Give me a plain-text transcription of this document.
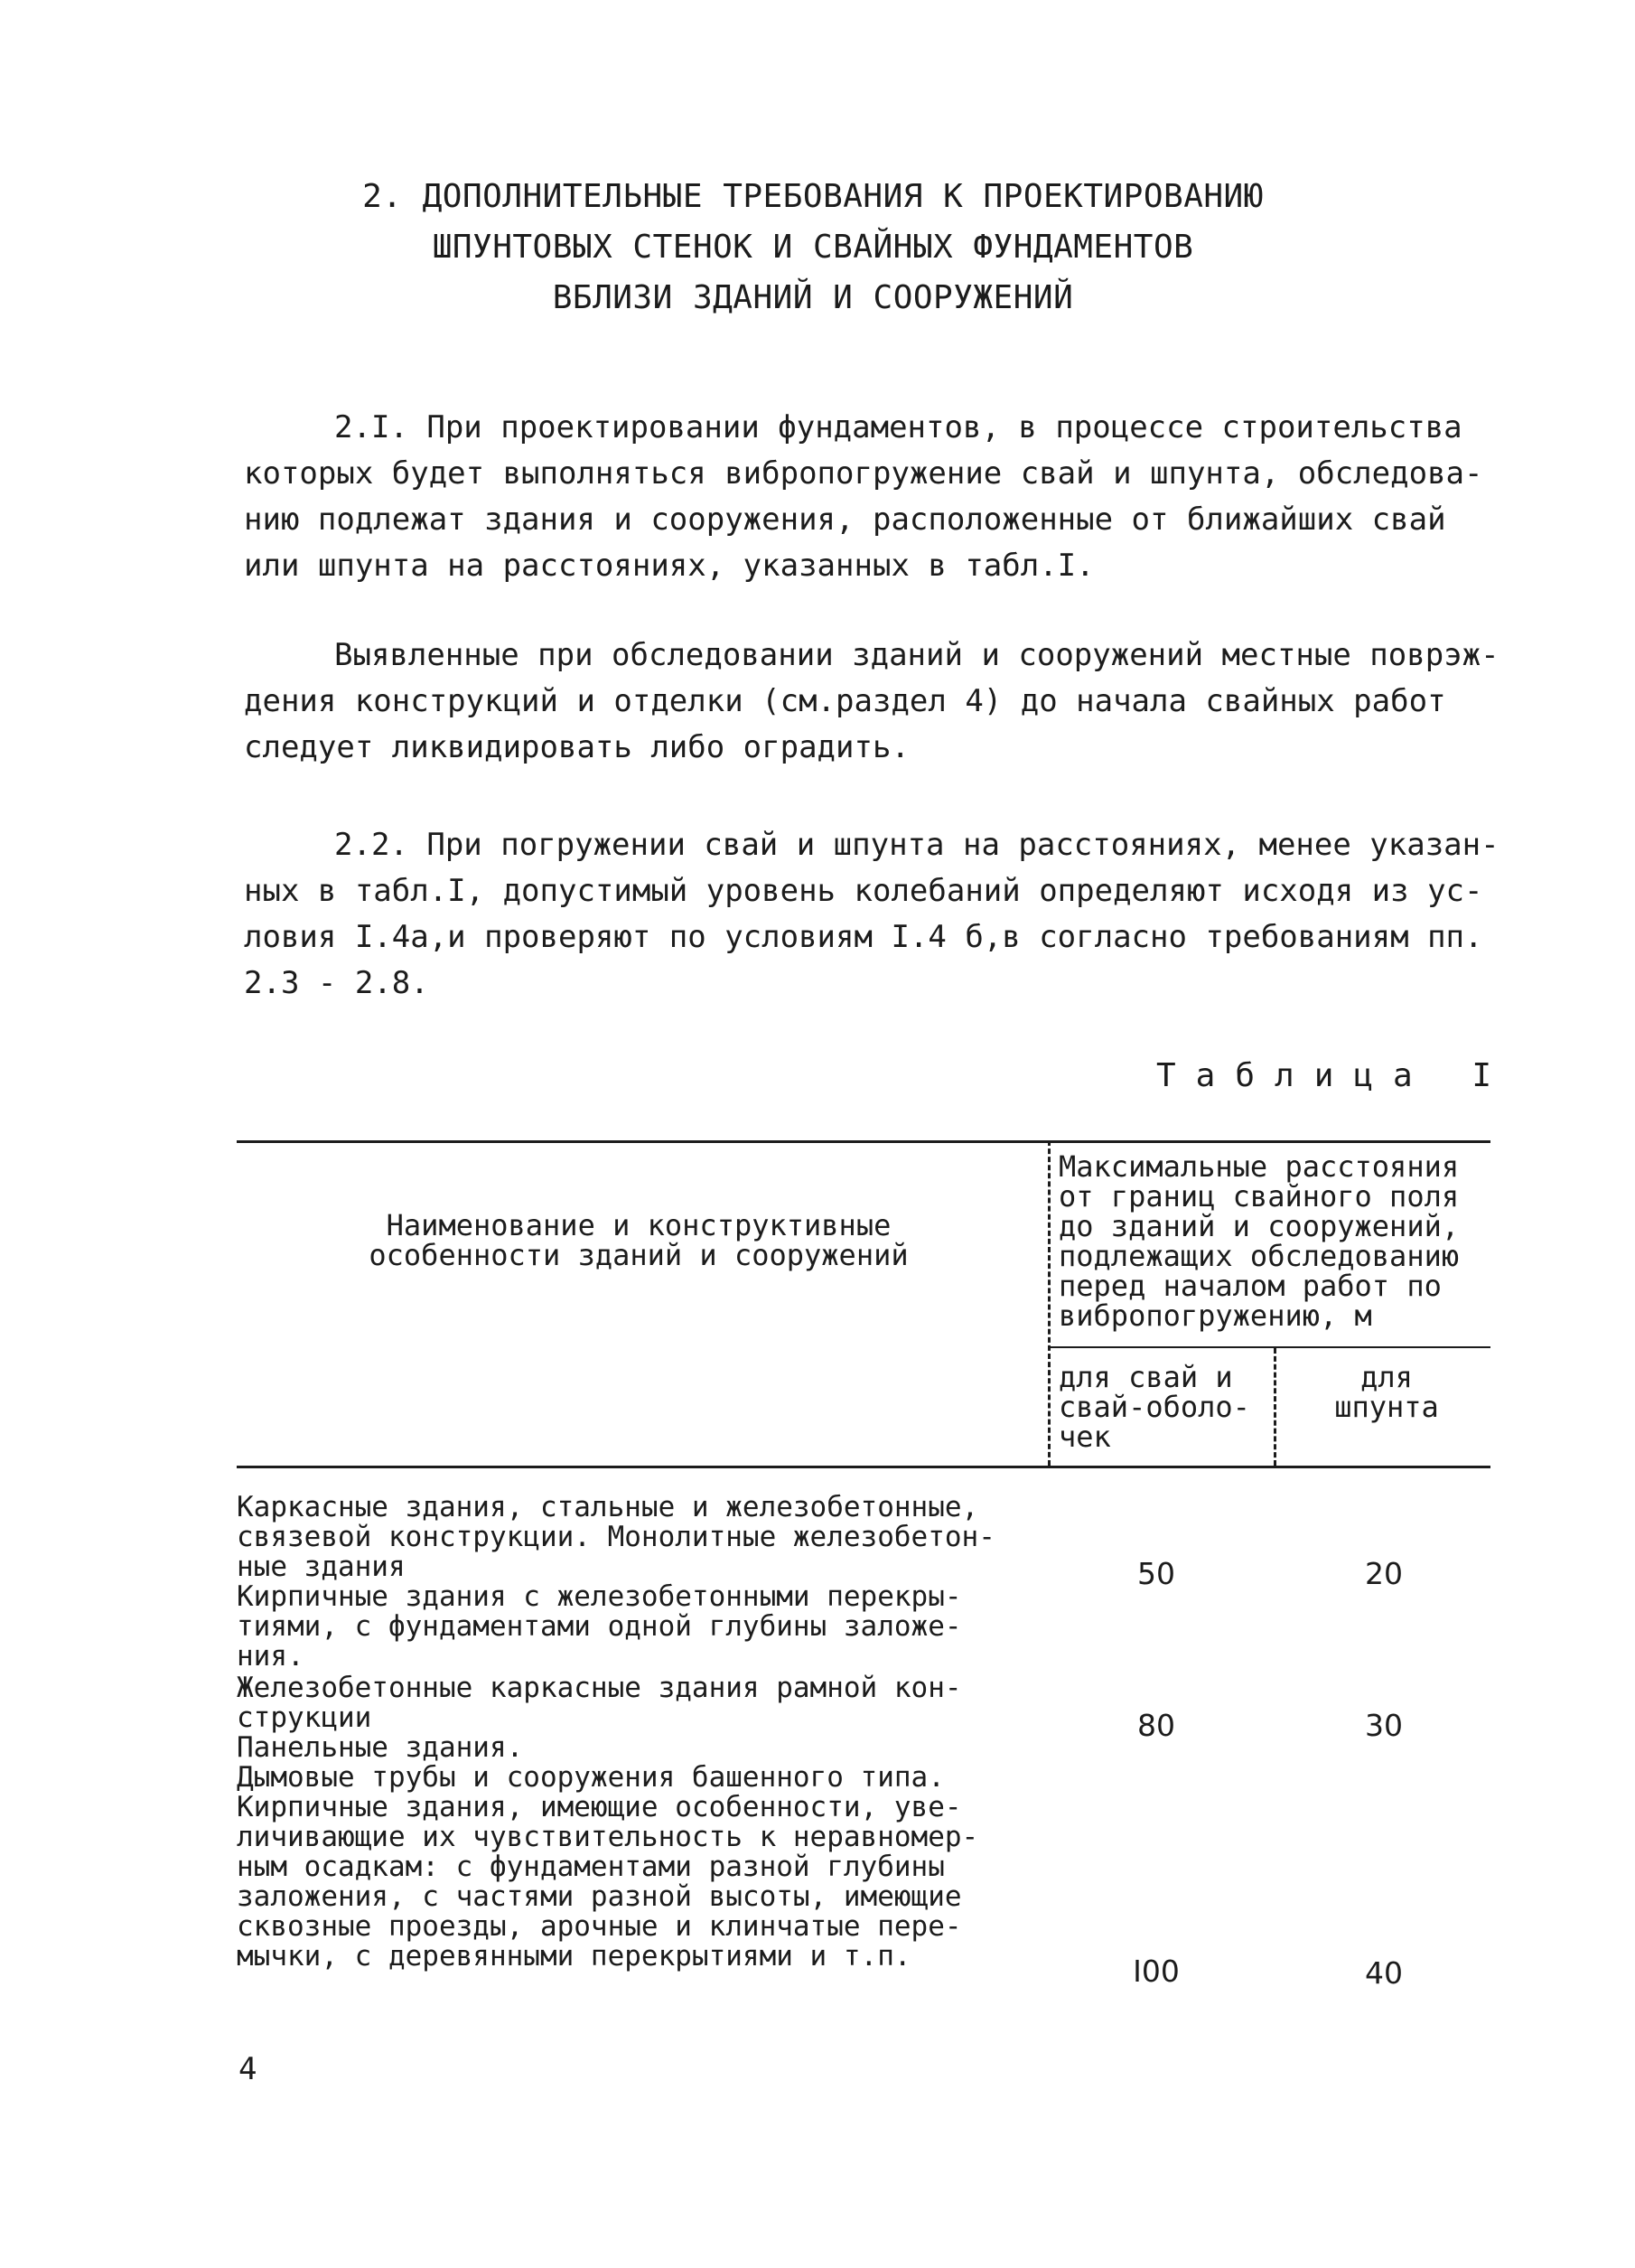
2. ДОПОЛНИТЕЛЬНЫЕ ТРЕБОВАНИЯ К ПРОЕКТИРОВАНИЮ
ШПУНТОВЫХ СТЕНОК И СВАЙНЫХ ФУНДАМЕНТОВ
ВБЛИЗИ ЗДАНИЙ И СООРУЖЕНИЙ
2.I. При проектировании фундаментов, в процессе строительства
которых будет выполняться вибропогружение свай и шпунта, обследова-
нию подлежат здания и сооружения, расположенные от ближайших свай
или шпунта на расстояниях, указанных в табл.I.
Выявленные при обследовании зданий и сооружений местные поврэж-
дения конструкций и отделки (см.раздел 4) до начала свайных работ
следует ликвидировать либо оградить.
2.2. При погружении свай и шпунта на расстояниях, менее указан-
ных в табл.I, допустимый уровень колебаний определяют исходя из ус-
ловия I.4а,и проверяют по условиям I.4 б,в согласно требованиям пп.
2.3 - 2.8.
Таблица I
Наименование и конструктивные
особенности зданий и сооружений
Максимальные расстояния
от границ свайного поля
до зданий и сооружений,
подлежащих обследованию
перед началом работ по
вибропогружению, м
для свай и
свай-оболо-
чек
для
шпунта
Каркасные здания, стальные и железобетонные,
связевой конструкции. Монолитные железобетон-
ные здания
Кирпичные здания с железобетонными перекры-
тиями, с фундаментами одной глубины заложе-
ния.
50	20
Железобетонные каркасные здания рамной кон-
струкции
Панельные здания.
80	30
Дымовые трубы и сооружения башенного типа.
Кирпичные здания, имеющие особенности, уве-
личивающие их чувствительность к неравномер-
ным осадкам: с фундаментами разной глубины
заложения, с частями разной высоты, имеющие
сквозные проезды, арочные и клинчатые пере-
мычки, с деревянными перекрытиями и т.п.	I00	40
4
